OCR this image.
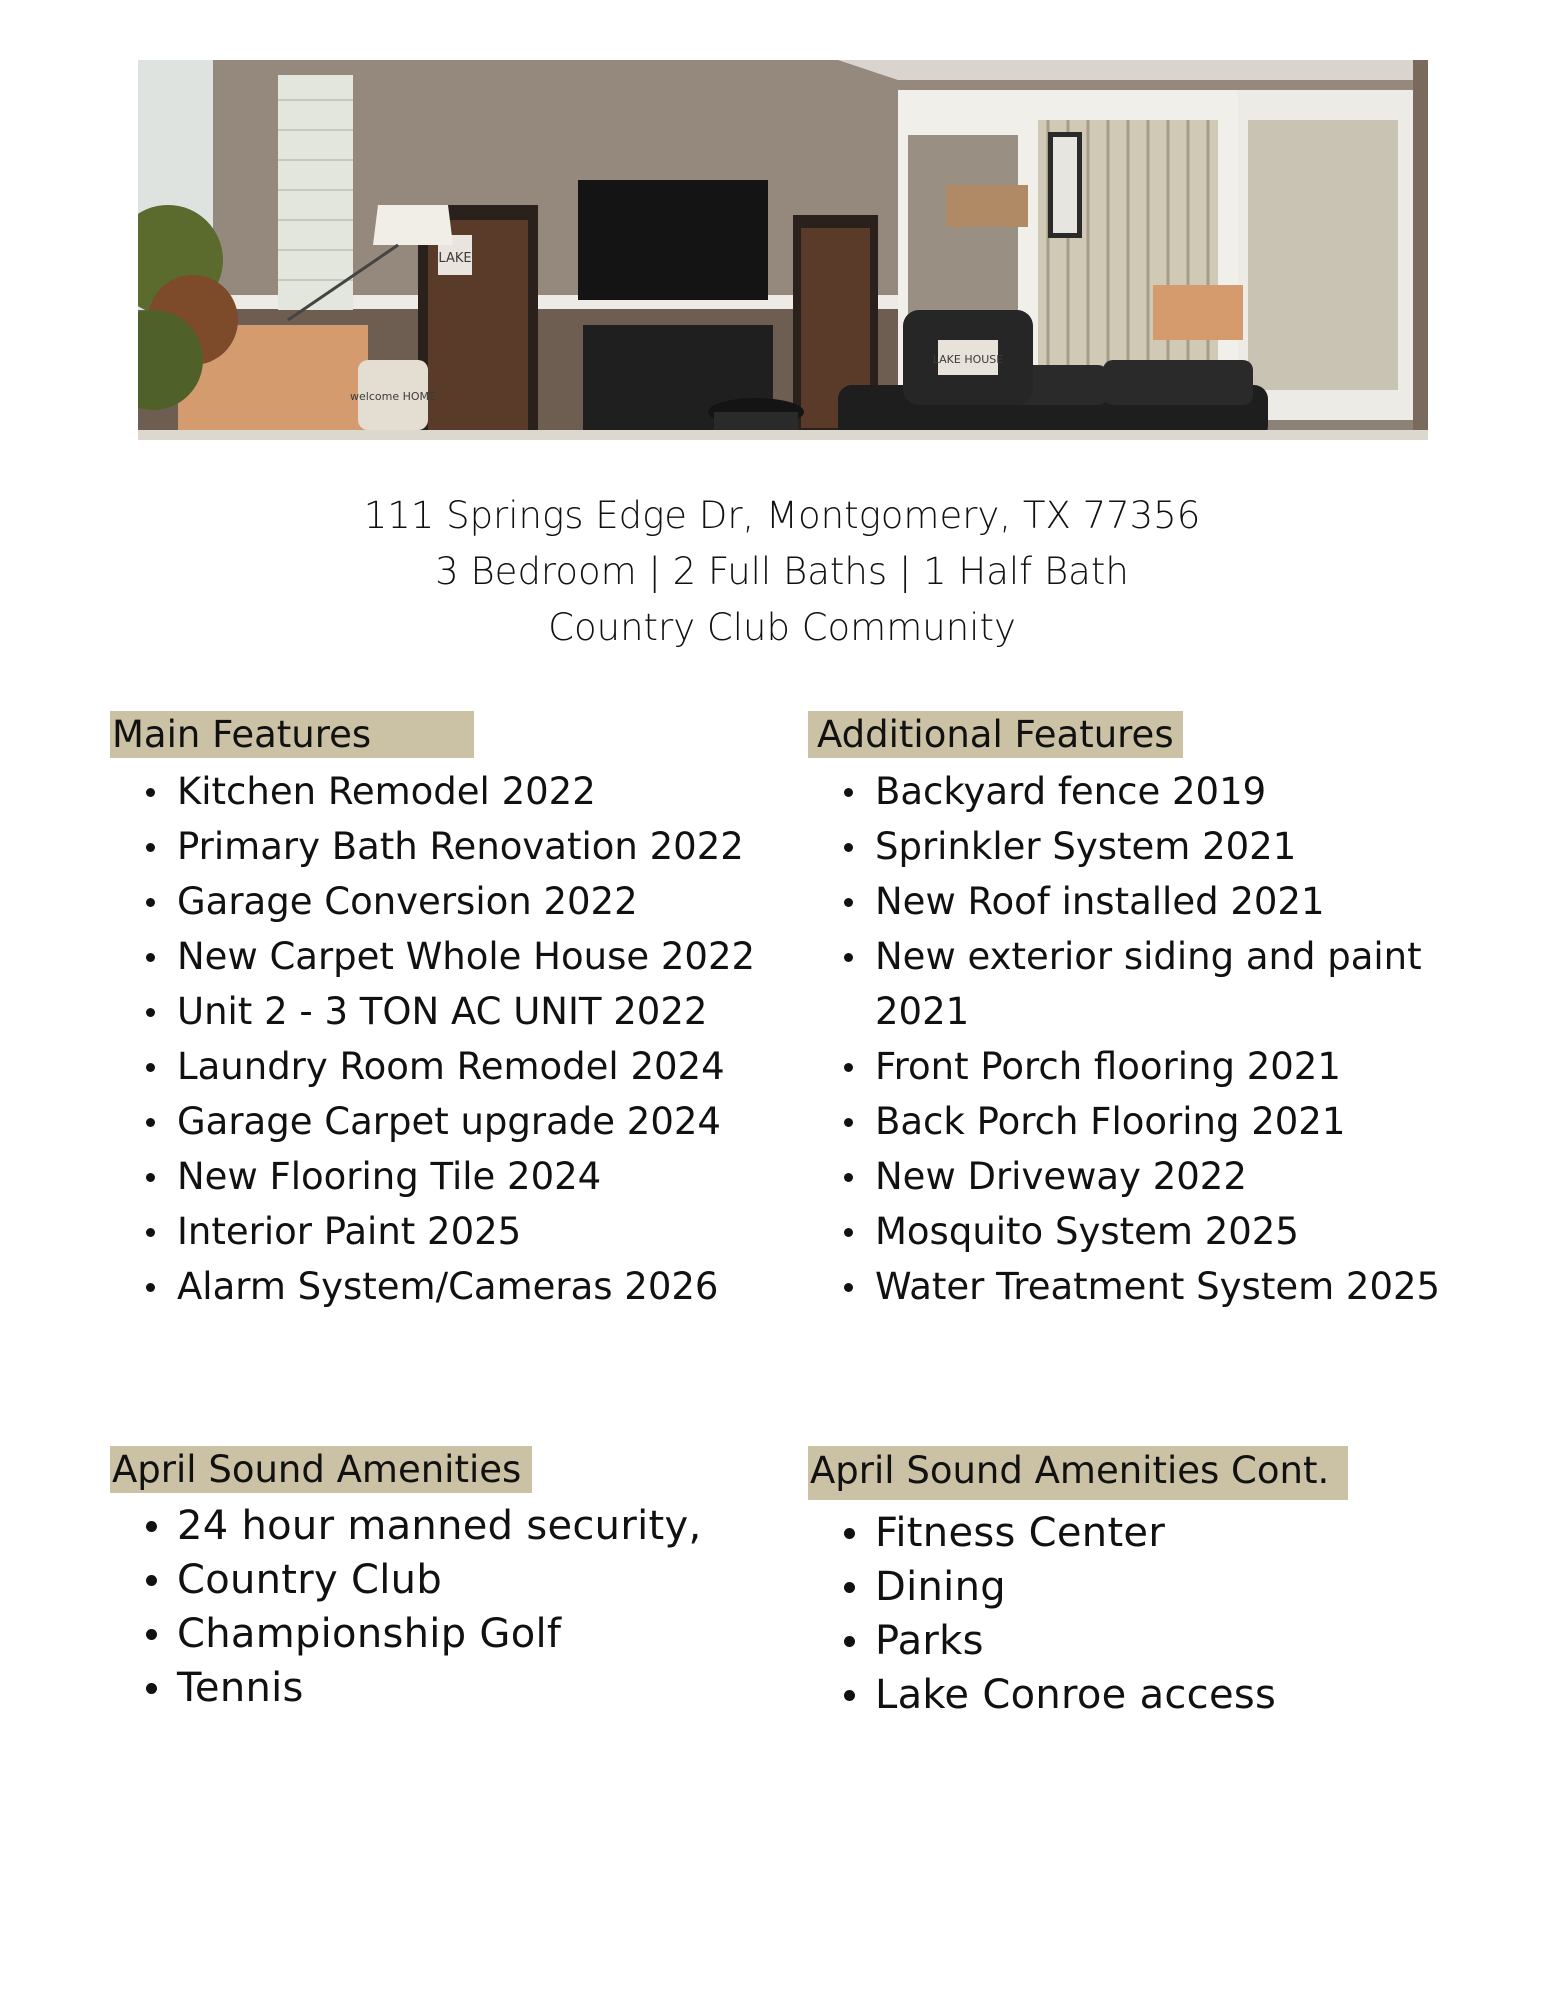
LAKE
LAKE HOUSE
welcome HOME
111 Springs Edge Dr, Montgomery, TX 77356
3 Bedroom | 2 Full Baths | 1 Half Bath
Country Club Community
Main Features
Kitchen Remodel 2022
Primary Bath Renovation 2022
Garage Conversion 2022
New Carpet Whole House 2022
Unit 2 - 3 TON AC UNIT 2022
Laundry Room Remodel 2024
Garage Carpet upgrade 2024
New Flooring Tile 2024
Interior Paint 2025
Alarm System/Cameras 2026
Additional Features
Backyard fence 2019
Sprinkler System 2021
New Roof installed 2021
New exterior siding and paint
2021
Front Porch flooring 2021
Back Porch Flooring 2021
New Driveway 2022
Mosquito System 2025
Water Treatment System 2025
April Sound Amenities
24 hour manned security,
Country Club
Championship Golf
Tennis
April Sound Amenities Cont.
Fitness Center
Dining
Parks
Lake Conroe access
